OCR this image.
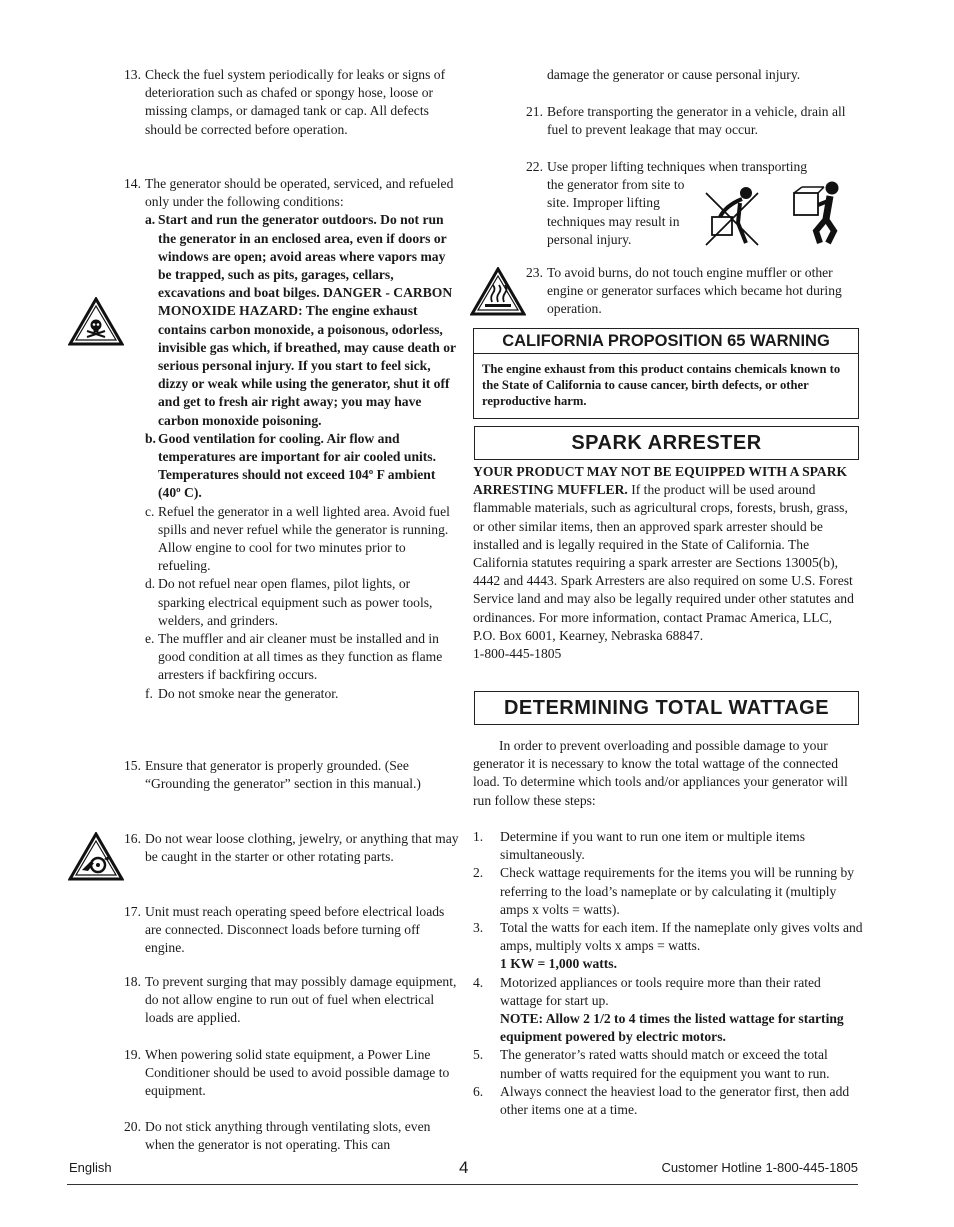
13. Check the fuel system periodically for leaks or signs of deterioration such as chafed or spongy hose, loose or missing clamps, or damaged tank or cap. All defects should be corrected before operation.
14. The generator should be operated, serviced, and refueled only under the following conditions:
a. Start and run the generator outdoors. Do not run the generator in an enclosed area, even if doors or windows are open; avoid areas where vapors may be trapped, such as pits, garages, cellars, excavations and boat bilges. DANGER - CARBON MONOXIDE HAZARD: The engine exhaust contains carbon monoxide, a poisonous, odorless, invisible gas which, if breathed, may cause death or serious personal injury. If you start to feel sick, dizzy or weak while using the generator, shut it off and get to fresh air right away; you may have carbon monoxide poisoning.
b. Good ventilation for cooling. Air flow and temperatures are important for air cooled units. Temperatures should not exceed 104º F ambient (40º C).
c. Refuel the generator in a well lighted area. Avoid fuel spills and never refuel while the generator is running. Allow engine to cool for two minutes prior to refueling.
d. Do not refuel near open flames, pilot lights, or sparking electrical equipment such as power tools, welders, and grinders.
e. The muffler and air cleaner must be installed and in good condition at all times as they function as flame arresters if backfiring occurs.
f. Do not smoke near the generator.
15. Ensure that generator is properly grounded. (See “Grounding the generator” section in this manual.)
16. Do not wear loose clothing, jewelry, or anything that may be caught in the starter or other rotating parts.
17. Unit must reach operating speed before electrical loads are connected. Disconnect loads before turning off engine.
18. To prevent surging that may possibly damage equipment, do not allow engine to run out of fuel when electrical loads are applied.
19. When powering solid state equipment, a Power Line Conditioner should be used to avoid possible damage to equipment.
20. Do not stick anything through ventilating slots, even when the generator is not operating. This can
damage the generator or cause personal injury.
21. Before transporting the generator in a vehicle, drain all fuel to prevent leakage that may occur.
22. Use proper lifting techniques when transporting
the generator from site to site. Improper lifting techniques may result in personal injury.
23. To avoid burns, do not touch engine muffler or other engine or generator surfaces which became hot during operation.
CALIFORNIA PROPOSITION 65 WARNING
The engine exhaust from this product contains chemicals known to the State of California to cause cancer, birth defects, or other reproductive harm.
SPARK ARRESTER
YOUR PRODUCT MAY NOT BE EQUIPPED WITH A SPARK ARRESTING MUFFLER. If the product will be used around flammable materials, such as agricultural crops, forests, brush, grass, or other similar items, then an approved spark arrester should be installed and is legally required in the State of California. The California statutes requiring a spark arrester are Sections 13005(b), 4442 and 4443. Spark Arresters are also required on some U.S. Forest Service land and may also be legally required under other statutes and ordinances. For more information, contact Pramac America, LLC, P.O. Box 6001, Kearney, Nebraska 68847.
1-800-445-1805
DETERMINING TOTAL WATTAGE
In order to prevent overloading and possible damage to your generator it is necessary to know the total wattage of the connected load. To determine which tools and/or appliances your generator will run follow these steps:
1. Determine if you want to run one item or multiple items simultaneously.
2. Check wattage requirements for the items you will be running by referring to the load’s nameplate or by calculating it (multiply amps x volts = watts).
3. Total the watts for each item. If the nameplate only gives volts and amps, multiply volts x amps = watts.
1 KW = 1,000 watts.
4. Motorized appliances or tools require more than their rated wattage for start up.
NOTE: Allow 2 1/2 to 4 times the listed wattage for starting equipment powered by electric motors.
5. The generator’s rated watts should match or exceed the total number of watts required for the equipment you want to run.
6. Always connect the heaviest load to the generator first, then add other items one at a time.
English	4	Customer Hotline 1-800-445-1805
